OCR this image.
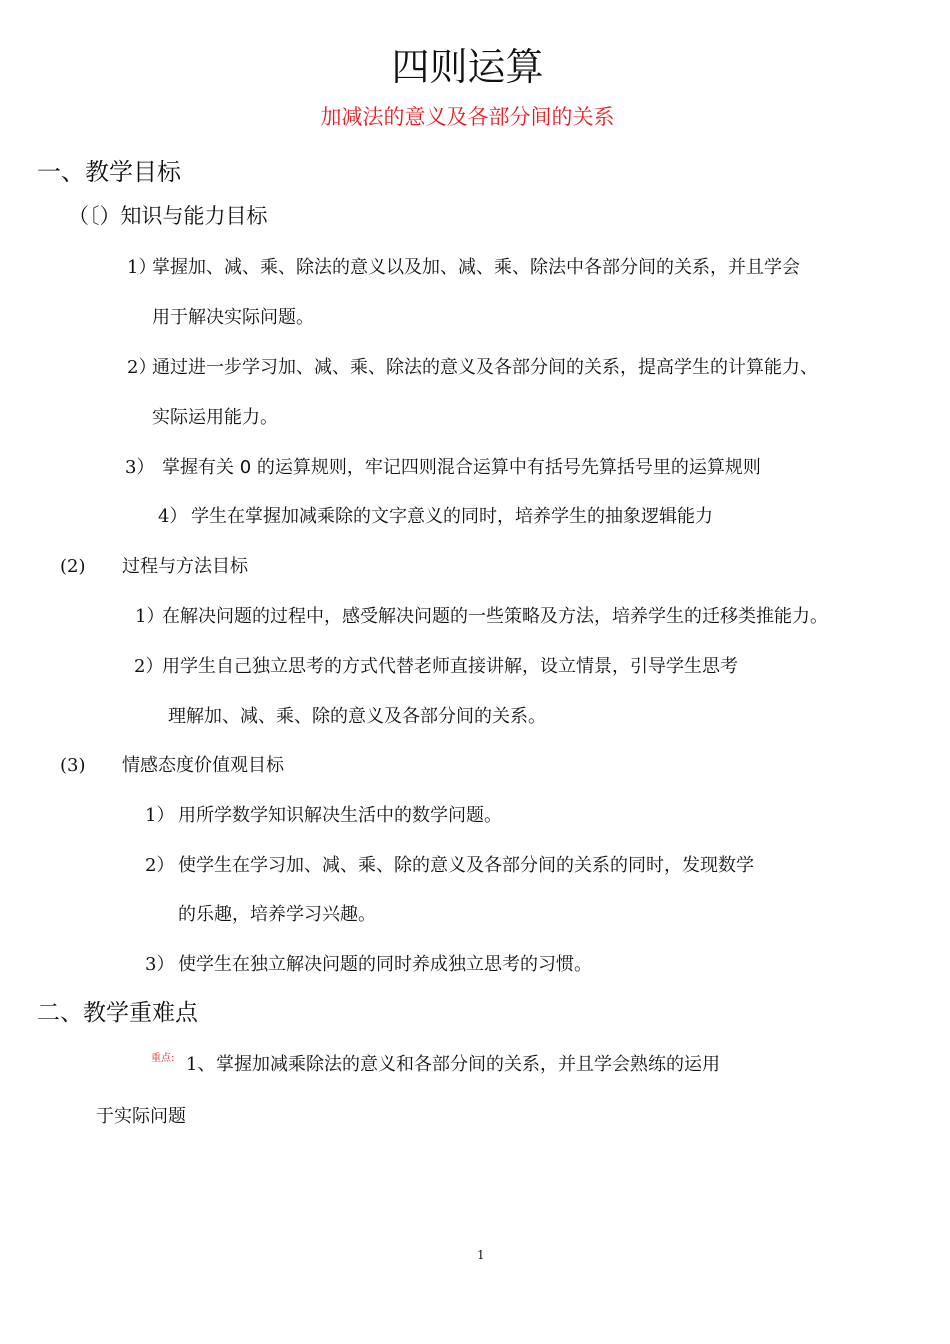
四则运算
加减法的意义及各部分间的关系
一、教学目标
（〔）知识与能力目标
1）
掌握加、减、乘、除法的意义以及加、减、乘、除法中各部分间的关系，并且学会
用于解决实际问题。
2）
通过进一步学习加、减、乘、除法的意义及各部分间的关系，提高学生的计算能力、
实际运用能力。
3） 掌握有关 0 的运算规则，牢记四则混合运算中有括号先算括号里的运算规则
4） 学生在掌握加减乘除的文字意义的同时，培养学生的抽象逻辑能力
(2) 过程与方法目标
1）
在解决问题的过程中，感受解决问题的一些策略及方法，培养学生的迁移类推能力。
2）
用学生自己独立思考的方式代替老师直接讲解，设立情景，引导学生思考
理解加、减、乘、除的意义及各部分间的关系。
(3) 情感态度价值观目标
1） 用所学数学知识解决生活中的数学问题。
2） 使学生在学习加、减、乘、除的意义及各部分间的关系的同时，发现数学
的乐趣，培养学习兴趣。
3） 使学生在独立解决问题的同时养成独立思考的习惯。
二、教学重难点
重点: 1、 掌握加减乘除法的意义和各部分间的关系，并且学会熟练的运用
于实际问题
1
